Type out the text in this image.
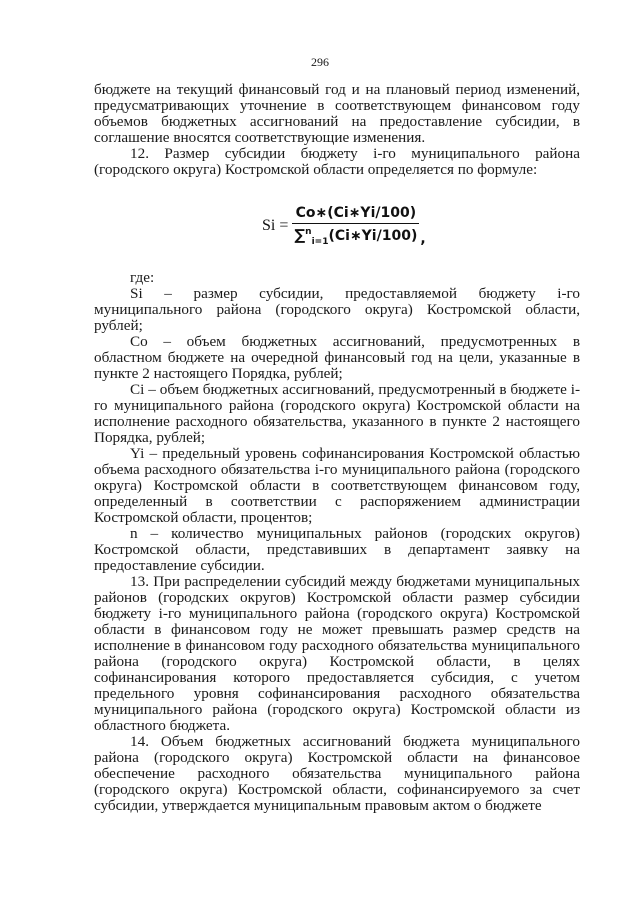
296

бюджете на текущий финансовый год и на плановый период изменений, предусматривающих уточнение в соответствующем финансовом году объемов бюджетных ассигнований на предоставление субсидии, в соглашение вносятся соответствующие изменения.

12. Размер субсидии бюджету i-го муниципального района (городского округа) Костромской области определяется по формуле:

Si =	Co∗(Ci∗Yi/100)	,
∑$^n_{i=1}$(Ci∗Yi/100)

где:

Si – размер субсидии, предоставляемой бюджету i-го муниципального района (городского округа) Костромской области, рублей;

Co – объем бюджетных ассигнований, предусмотренных в областном бюджете на очередной финансовый год на цели, указанные в пункте 2 настоящего Порядка, рублей;

Ci – объем бюджетных ассигнований, предусмотренный в бюджете i-го муниципального района (городского округа) Костромской области на исполнение расходного обязательства, указанного в пункте 2 настоящего Порядка, рублей;

Yi – предельный уровень софинансирования Костромской областью объема расходного обязательства i-го муниципального района (городского округа) Костромской области в соответствующем финансовом году, определенный в соответствии с распоряжением администрации Костромской области, процентов;

n – количество муниципальных районов (городских округов) Костромской области, представивших в департамент заявку на предоставление субсидии.

13. При распределении субсидий между бюджетами муниципальных районов (городских округов) Костромской области размер субсидии бюджету i-го муниципального района (городского округа) Костромской области в финансовом году не может превышать размер средств на исполнение в финансовом году расходного обязательства муниципального района (городского округа) Костромской области, в целях софинансирования которого предоставляется субсидия, с учетом предельного уровня софинансирования расходного обязательства муниципального района (городского округа) Костромской области из областного бюджета.

14. Объем бюджетных ассигнований бюджета муниципального района (городского округа) Костромской области на финансовое обеспечение расходного обязательства муниципального района (городского округа) Костромской области, софинансируемого за счет субсидии, утверждается муниципальным правовым актом о бюджете
